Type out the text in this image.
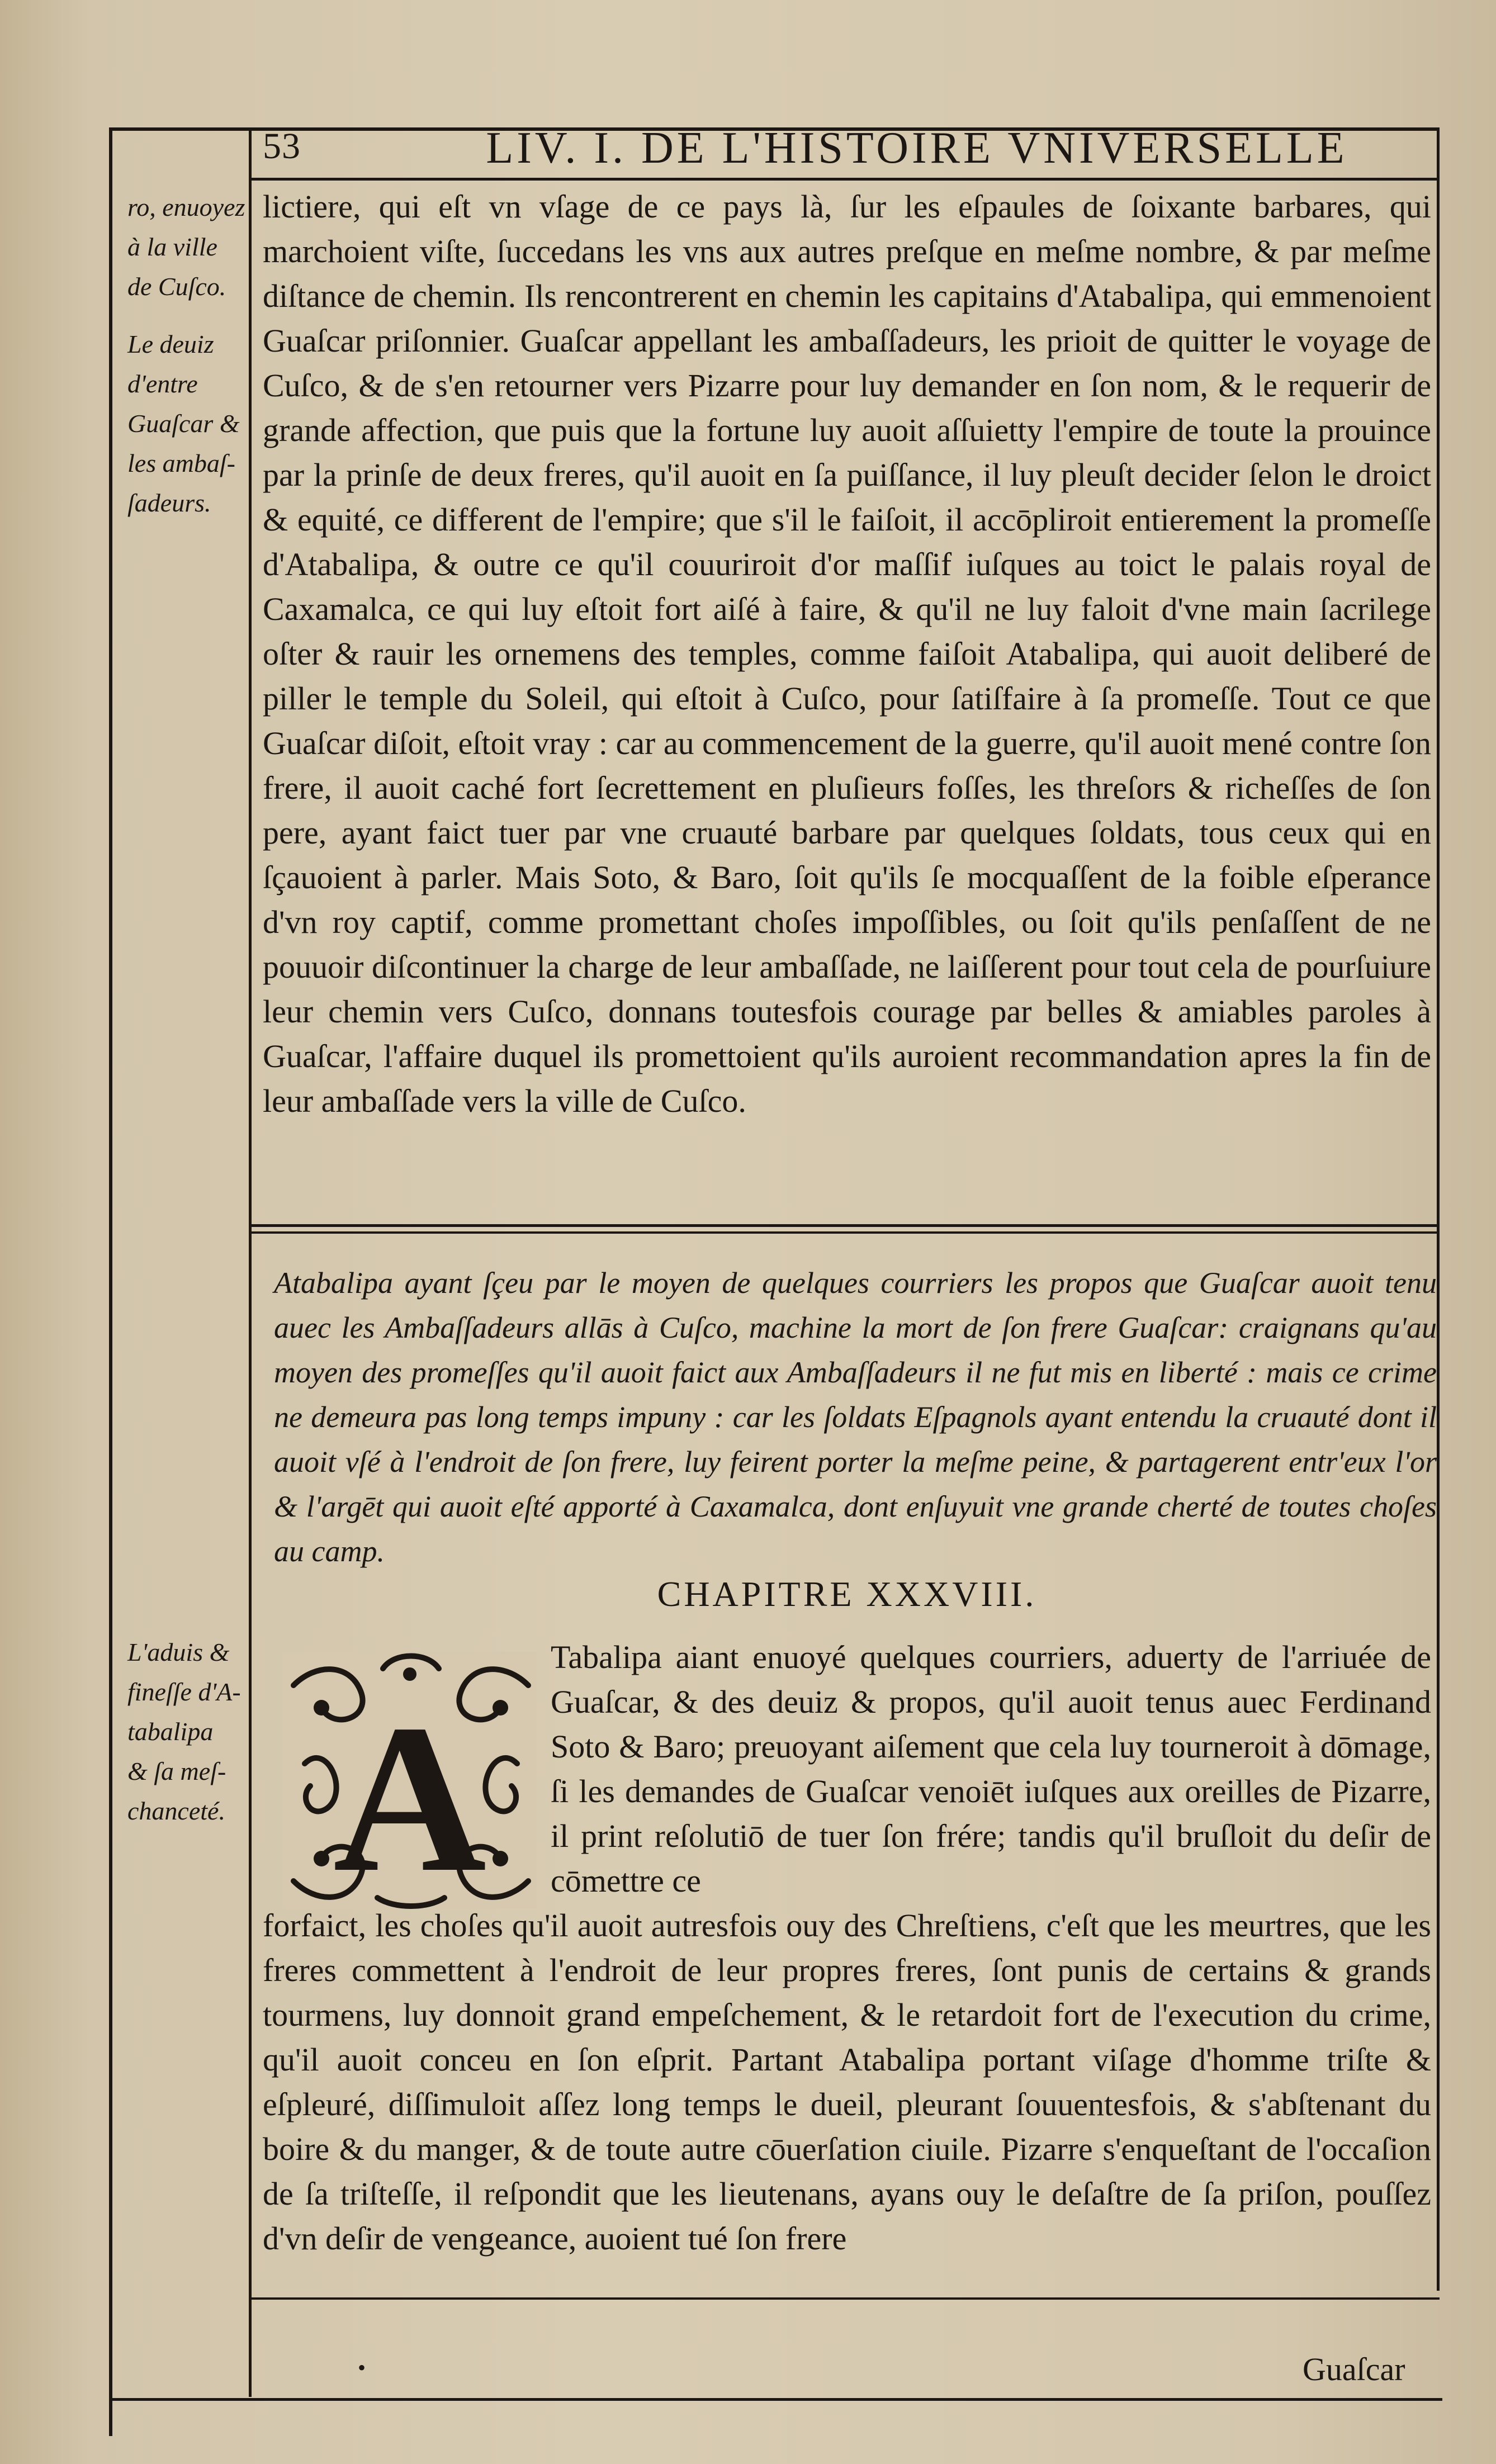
53	LIV. I. DE L'HISTOIRE VNIVERSELLE
ro, enuoyez
à la ville
de Cuſco.
Le deuiz
d'entre
Guaſcar &
les ambaſ-
ſadeurs.
L'aduis &
fineſſe d'A-
tabalipa
& ſa meſ-
chanceté.
lictiere, qui eſt vn vſage de ce pays là, ſur les eſpaules de ſoixante barbares, qui marchoient viſte, ſuccedans les vns aux autres preſque en meſme nombre, & par meſme diſtance de chemin. Ils rencontrerent en chemin les capitains d'Atabalipa, qui emmenoient Guaſcar priſonnier. Guaſcar appellant les ambaſſadeurs, les prioit de quitter le voyage de Cuſco, & de s'en retourner vers Pizarre pour luy demander en ſon nom, & le requerir de grande affection, que puis que la fortune luy auoit aſſuietty l'empire de toute la prouince par la prinſe de deux freres, qu'il auoit en ſa puiſſance, il luy pleuſt decider ſelon le droict & equité, ce different de l'empire; que s'il le faiſoit, il accōpliroit entierement la promeſſe d'Atabalipa, & outre ce qu'il couuriroit d'or maſſif iuſques au toict le palais royal de Caxamalca, ce qui luy eſtoit fort aiſé à faire, & qu'il ne luy faloit d'vne main ſacrilege oſter & rauir les ornemens des temples, comme faiſoit Atabalipa, qui auoit deliberé de piller le temple du Soleil, qui eſtoit à Cuſco, pour ſatiſfaire à ſa promeſſe. Tout ce que Guaſcar diſoit, eſtoit vray : car au commencement de la guerre, qu'il auoit mené contre ſon frere, il auoit caché fort ſecrettement en pluſieurs foſſes, les threſors & richeſſes de ſon pere, ayant faict tuer par vne cruauté barbare par quelques ſoldats, tous ceux qui en ſçauoient à parler. Mais Soto, & Baro, ſoit qu'ils ſe mocquaſſent de la foible eſperance d'vn roy captif, comme promettant choſes impoſſibles, ou ſoit qu'ils penſaſſent de ne pouuoir diſcontinuer la charge de leur ambaſſade, ne laiſſerent pour tout cela de pourſuiure leur chemin vers Cuſco, donnans toutesfois courage par belles & amiables paroles à Guaſcar, l'affaire duquel ils promettoient qu'ils auroient recommandation apres la fin de leur ambaſſade vers la ville de Cuſco.
Atabalipa ayant ſçeu par le moyen de quelques courriers les propos que Guaſcar auoit tenu auec les Ambaſſadeurs allās à Cuſco, machine la mort de ſon frere Guaſcar: craignans qu'au moyen des promeſſes qu'il auoit faict aux Ambaſſadeurs il ne fut mis en liberté : mais ce crime ne demeura pas long temps impuny : car les ſoldats Eſpagnols ayant entendu la cruauté dont il auoit vſé à l'endroit de ſon frere, luy feirent porter la meſme peine, & partagerent entr'eux l'or & l'argēt qui auoit eſté apporté à Caxamalca, dont enſuyuit vne grande cherté de toutes choſes au camp.
CHAPITRE XXXVIII.
A
Tabalipa aiant enuoyé quelques courriers, aduerty de l'arriuée de Guaſcar, & des deuiz & propos, qu'il auoit tenus auec Ferdinand Soto & Baro; preuoyant aiſement que cela luy tourneroit à dōmage, ſi les demandes de Guaſcar venoiēt iuſques aux oreilles de Pizarre, il print reſolutiō de tuer ſon frére; tandis qu'il bruſloit du deſir de cōmettre ce
forfaict, les choſes qu'il auoit autresfois ouy des Chreſtiens, c'eſt que les meurtres, que les freres commettent à l'endroit de leur propres freres, ſont punis de certains & grands tourmens, luy donnoit grand empeſchement, & le retardoit fort de l'execution du crime, qu'il auoit conceu en ſon eſprit. Partant Atabalipa portant viſage d'homme triſte & eſpleuré, diſſimuloit aſſez long temps le dueil, pleurant ſouuentesfois, & s'abſtenant du boire & du manger, & de toute autre cōuerſation ciuile. Pizarre s'enqueſtant de l'occaſion de ſa triſteſſe, il reſpondit que les lieutenans, ayans ouy le deſaſtre de ſa priſon, pouſſez d'vn deſir de vengeance, auoient tué ſon frere
•	Guaſcar
